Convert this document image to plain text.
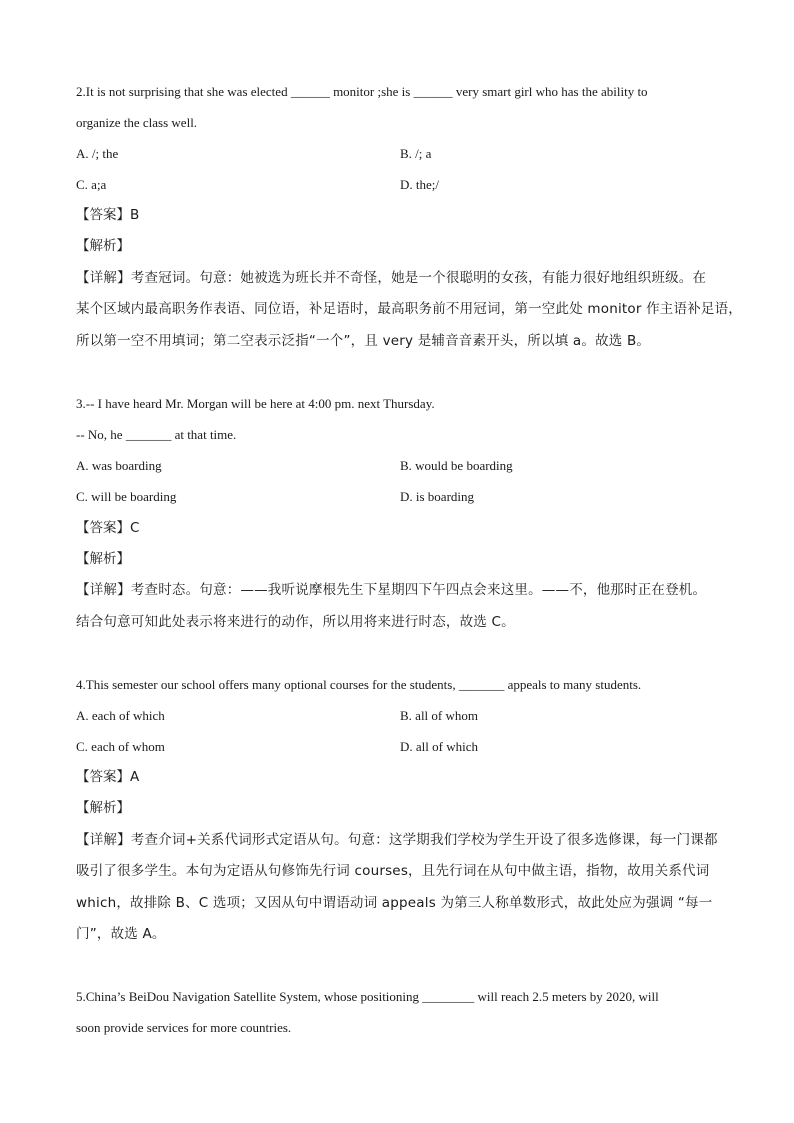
2.It is not surprising that she was elected ______ monitor ;she is ______ very smart girl who has the ability to
organize the class well.
A. /; the	B. /; a
C. a;a	D. the;/
【答案】B
【解析】
【详解】考查冠词。句意：她被选为班长并不奇怪，她是一个很聪明的女孩，有能力很好地组织班级。在
某个区域内最高职务作表语、同位语，补足语时，最高职务前不用冠词，第一空此处 monitor 作主语补足语，
所以第一空不用填词；第二空表示泛指“一个”，且 very 是辅音音素开头，所以填 a。故选 B。
3.-- I have heard Mr. Morgan will be here at 4:00 pm. next Thursday.
-- No, he _______ at that time.
A. was boarding	B. would be boarding
C. will be boarding	D. is boarding
【答案】C
【解析】
【详解】考查时态。句意：——我听说摩根先生下星期四下午四点会来这里。——不，他那时正在登机。
结合句意可知此处表示将来进行的动作，所以用将来进行时态，故选 C。
4.This semester our school offers many optional courses for the students, _______ appeals to many students.
A. each of which	B. all of whom
C. each of whom	D. all of which
【答案】A
【解析】
【详解】考查介词+关系代词形式定语从句。句意：这学期我们学校为学生开设了很多选修课，每一门课都
吸引了很多学生。本句为定语从句修饰先行词 courses，且先行词在从句中做主语，指物，故用关系代词
which，故排除 B、C 选项；又因从句中谓语动词 appeals 为第三人称单数形式，故此处应为强调 “每一
门”，故选 A。
5.China’s BeiDou Navigation Satellite System, whose positioning ________ will reach 2.5 meters by 2020, will
soon provide services for more countries.
